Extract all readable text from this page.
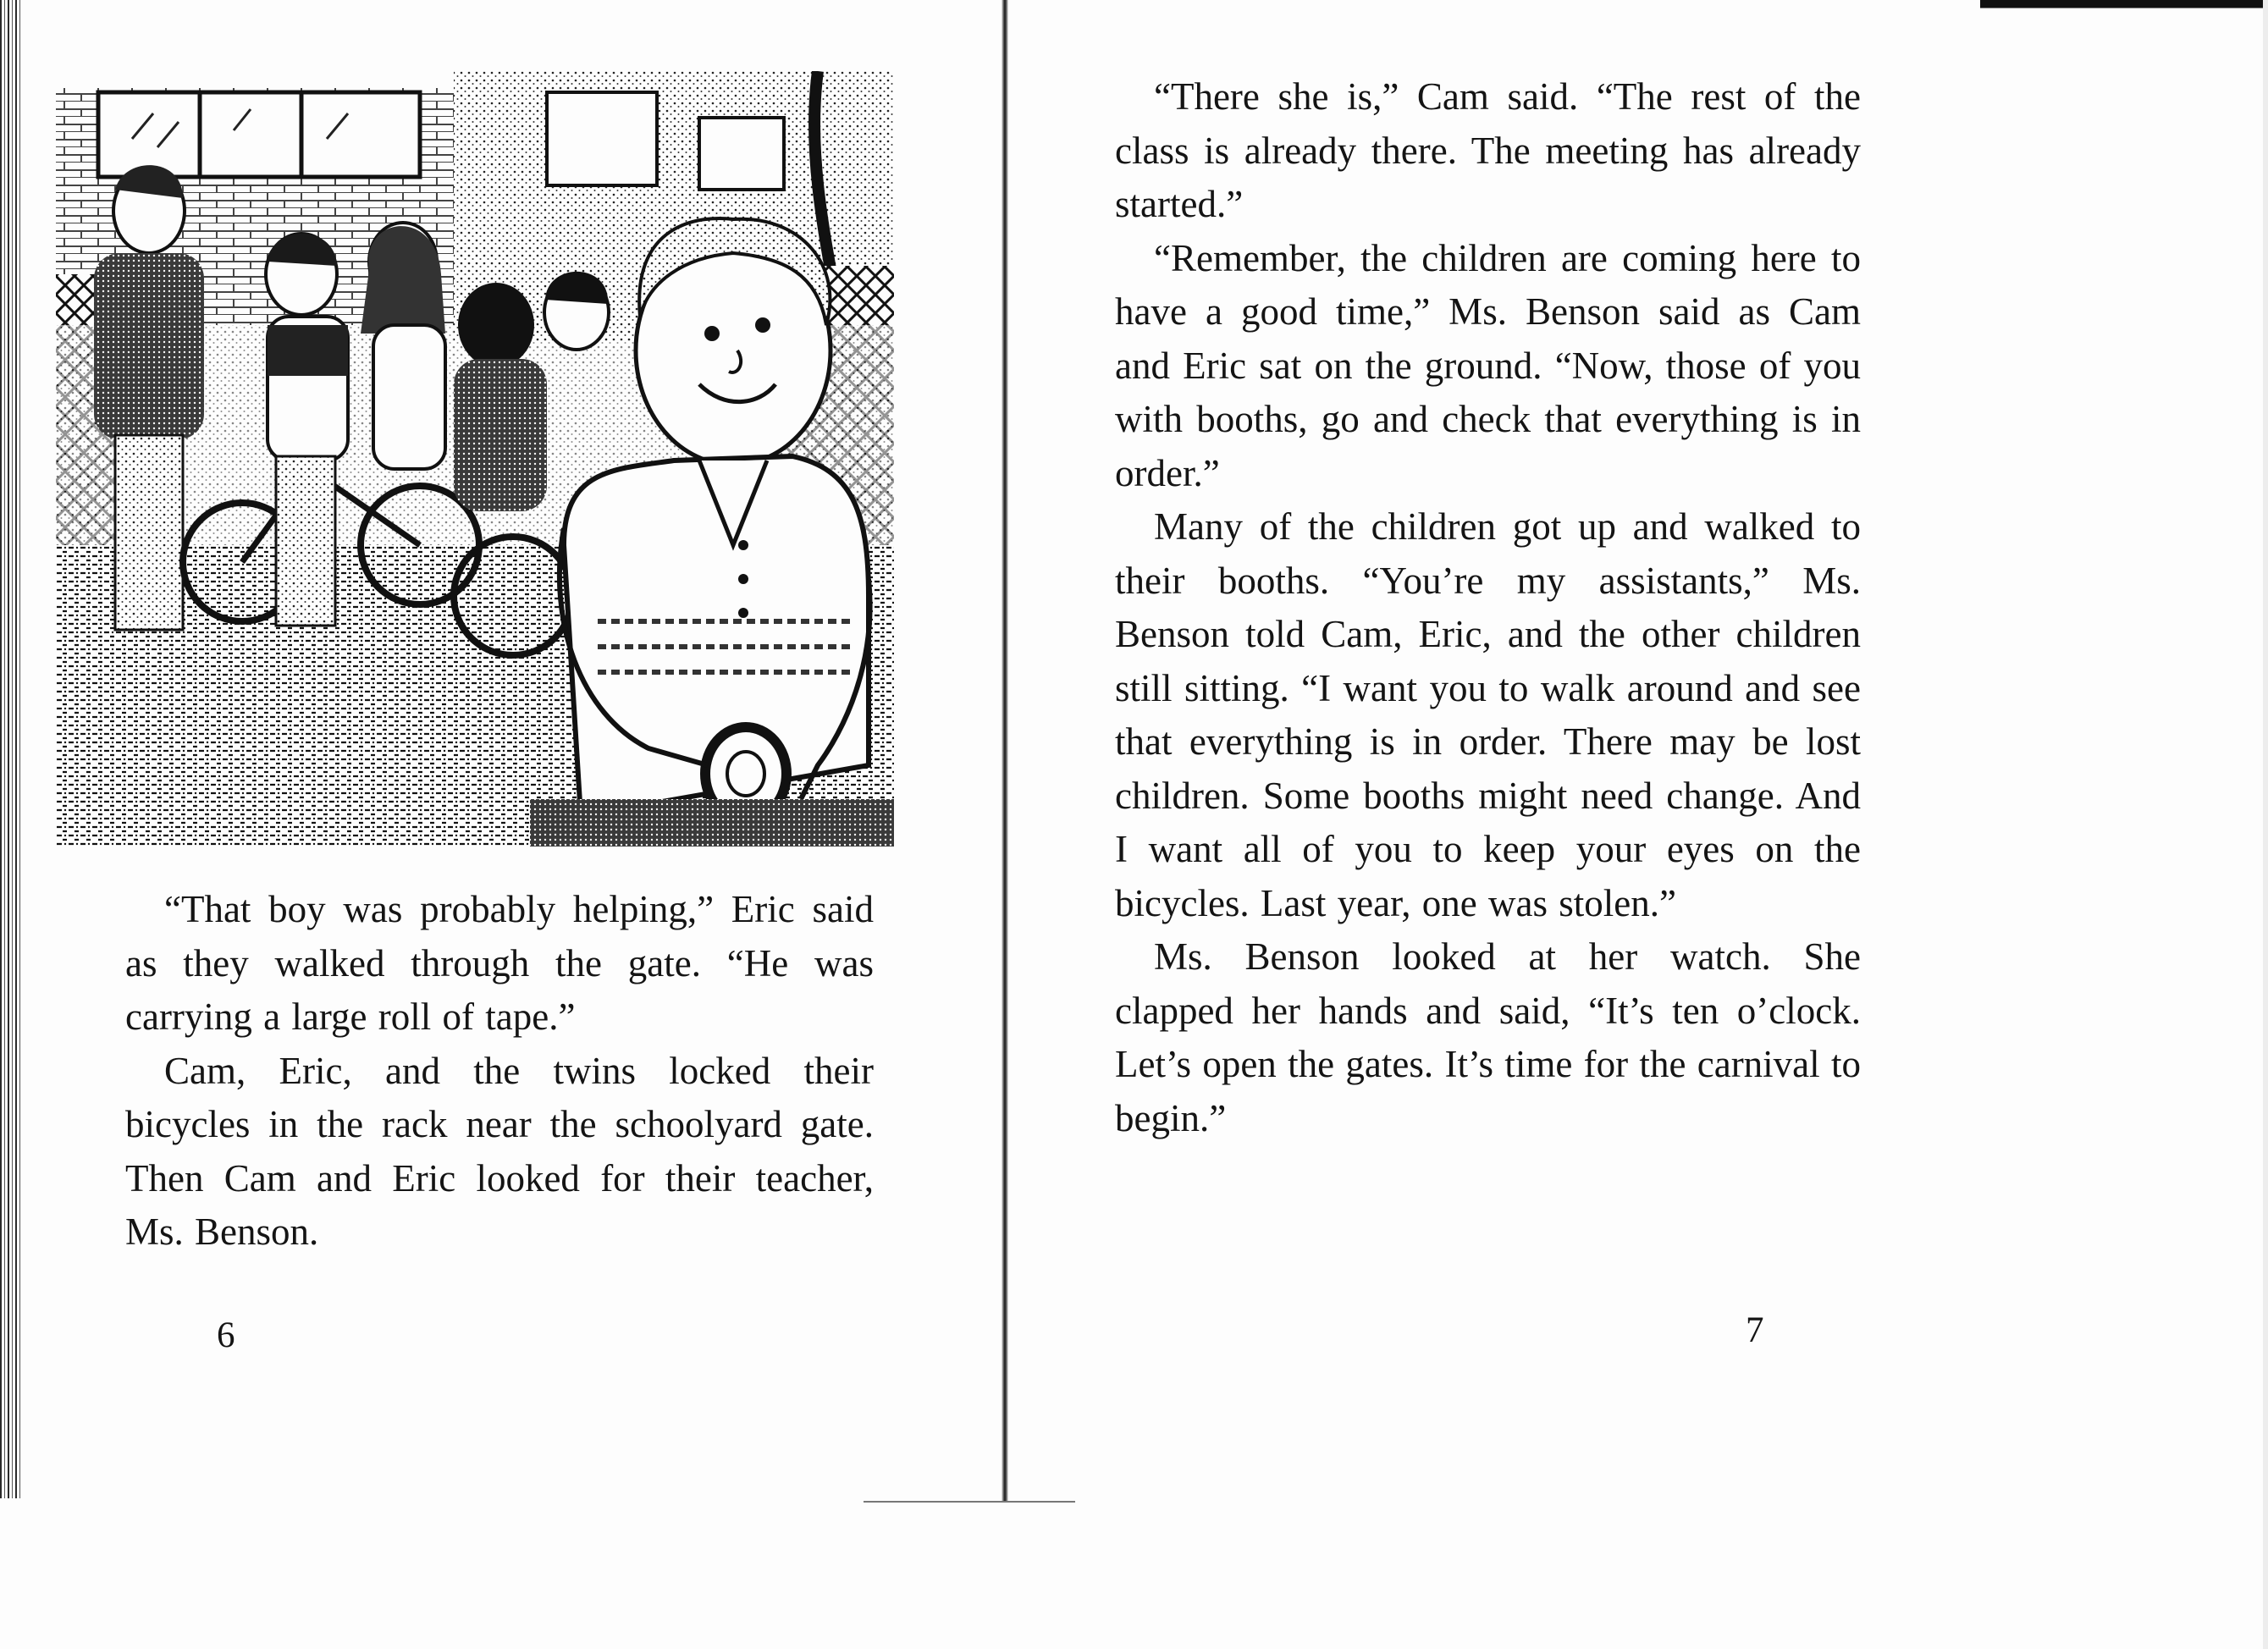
“That boy was probably helping,” Eric said as they walked through the gate. “He was carrying a large roll of tape.”

Cam, Eric, and the twins locked their bicycles in the rack near the schoolyard gate. Then Cam and Eric looked for their teacher, Ms. Benson.

6

“There she is,” Cam said. “The rest of the class is already there. The meeting has already started.”

“Remember, the children are coming here to have a good time,” Ms. Benson said as Cam and Eric sat on the ground. “Now, those of you with booths, go and check that everything is in order.”

Many of the children got up and walked to their booths. “You’re my assistants,” Ms. Benson told Cam, Eric, and the other children still sitting. “I want you to walk around and see that everything is in order. There may be lost children. Some booths might need change. And I want all of you to keep your eyes on the bicycles. Last year, one was stolen.”

Ms. Benson looked at her watch. She clapped her hands and said, “It’s ten o’clock. Let’s open the gates. It’s time for the carnival to begin.”

7
